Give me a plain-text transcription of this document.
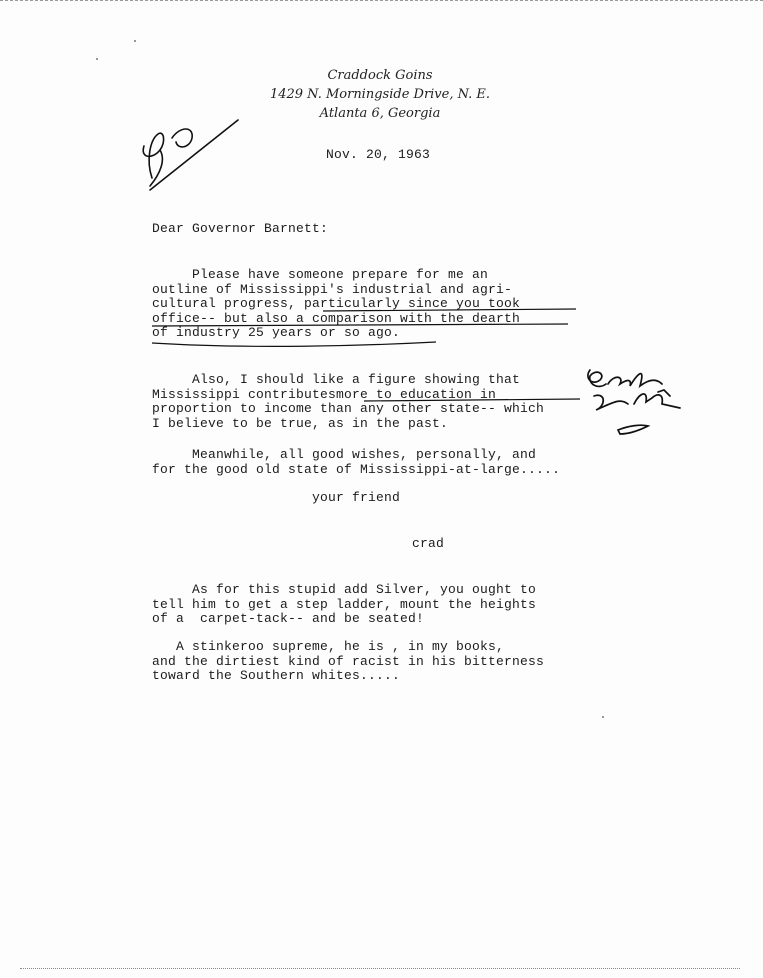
Craddock Goins
1429 N. Morningside Drive, N. E.
Atlanta 6, Georgia
Nov. 20, 1963
Dear Governor Barnett:
Please have someone prepare for me an
outline of Mississippi's industrial and agri-
cultural progress, particularly since you took
office-- but also a comparison with the dearth
of industry 25 years or so ago.
Also, I should like a figure showing that
Mississippi contributesmore to education in
proportion to income than any other state-- which
I believe to be true, as in the past.
Meanwhile, all good wishes, personally, and
for the good old state of Mississippi-at-large.....
your friend
crad
As for this stupid add Silver, you ought to
tell him to get a step ladder, mount the heights
of a  carpet-tack-- and be seated!
A stinkeroo supreme, he is , in my books,
and the dirtiest kind of racist in his bitterness
toward the Southern whites.....
